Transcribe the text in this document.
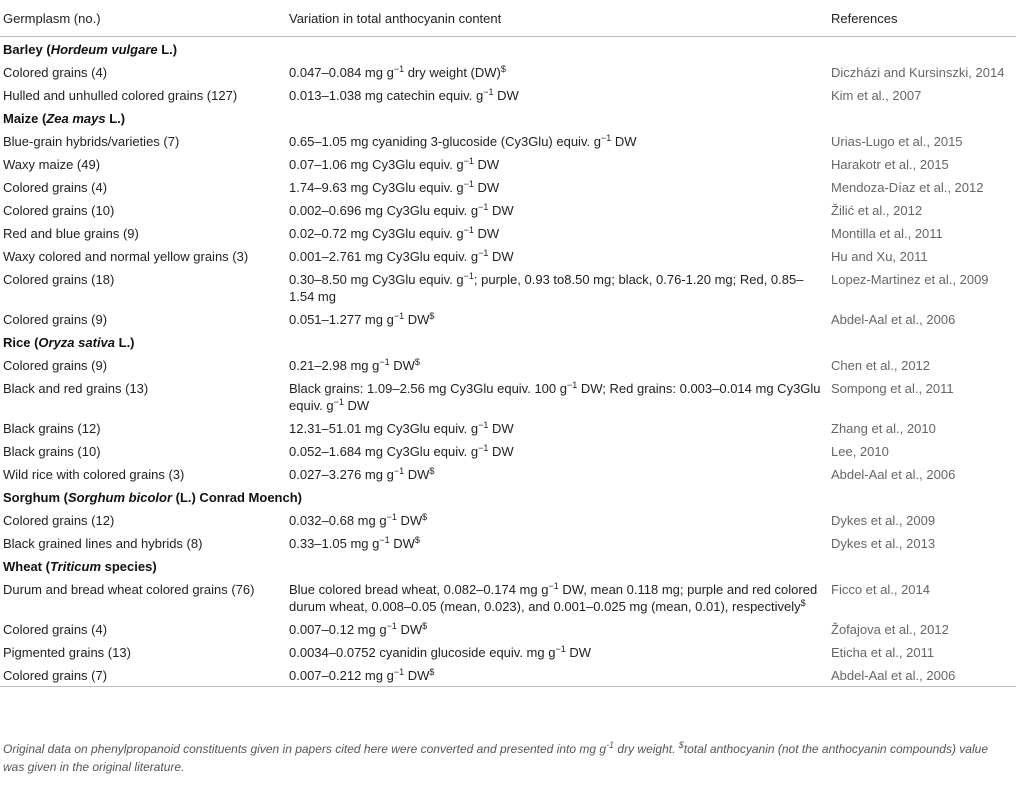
Germplasm (no.)	Variation in total anthocyanin content	References
Barley (Hordeum vulgare L.)		
Colored grains (4)	0.047–0.084 mg $g^{-1}$ dry weight (DW)$	Diczházi and Kursinszki, 2014
Hulled and unhulled colored grains (127)	0.013–1.038 mg catechin equiv. $g^{-1}$ DW	Kim et al., 2007
Maize (Zea mays L.)		
Blue-grain hybrids/varieties (7)	0.65–1.05 mg cyaniding 3-glucoside (Cy3Glu) equiv. $g^{-1}$ DW	Urias-Lugo et al., 2015
Waxy maize (49)	0.07–1.06 mg Cy3Glu equiv. $g^{-1}$ DW	Harakotr et al., 2015
Colored grains (4)	1.74–9.63 mg Cy3Glu equiv. $g^{-1}$ DW	Mendoza-Díaz et al., 2012
Colored grains (10)	0.002–0.696 mg Cy3Glu equiv. $g^{-1}$ DW	Žilić et al., 2012
Red and blue grains (9)	0.02–0.72 mg Cy3Glu equiv. $g^{-1}$ DW	Montilla et al., 2011
Waxy colored and normal yellow grains (3)	0.001–2.761 mg Cy3Glu equiv. $g^{-1}$ DW	Hu and Xu, 2011
Colored grains (18)	0.30–8.50 mg Cy3Glu equiv. $g^{-1}$; purple, 0.93 to8.50 mg; black, 0.76-1.20 mg; Red, 0.85–1.54 mg	Lopez-Martinez et al., 2009
Colored grains (9)	0.051–1.277 mg $g^{-1}$ DW$	Abdel-Aal et al., 2006
Rice (Oryza sativa L.)		
Colored grains (9)	0.21–2.98 mg $g^{-1}$ DW$	Chen et al., 2012
Black and red grains (13)	Black grains: 1.09–2.56 mg Cy3Glu equiv. 100 $g^{-1}$ DW; Red grains: 0.003–0.014 mg Cy3Glu equiv. $g^{-1}$ DW	Sompong et al., 2011
Black grains (12)	12.31–51.01 mg Cy3Glu equiv. $g^{-1}$ DW	Zhang et al., 2010
Black grains (10)	0.052–1.684 mg Cy3Glu equiv. $g^{-1}$ DW	Lee, 2010
Wild rice with colored grains (3)	0.027–3.276 mg $g^{-1}$ DW$	Abdel-Aal et al., 2006
Sorghum (Sorghum bicolor (L.) Conrad Moench)		
Colored grains (12)	0.032–0.68 mg $g^{-1}$ DW$	Dykes et al., 2009
Black grained lines and hybrids (8)	0.33–1.05 mg $g^{-1}$ DW$	Dykes et al., 2013
Wheat (Triticum species)		
Durum and bread wheat colored grains (76)	Blue colored bread wheat, 0.082–0.174 mg $g^{-1}$ DW, mean 0.118 mg; purple and red colored durum wheat, 0.008–0.05 (mean, 0.023), and 0.001–0.025 mg (mean, 0.01), respectively$	Ficco et al., 2014
Colored grains (4)	0.007–0.12 mg $g^{-1}$ DW$	Žofajova et al., 2012
Pigmented grains (13)	0.0034–0.0752 cyanidin glucoside equiv. mg $g^{-1}$ DW	Eticha et al., 2011
Colored grains (7)	0.007–0.212 mg $g^{-1}$ DW$	Abdel-Aal et al., 2006
Original data on phenylpropanoid constituents given in papers cited here were converted and presented into mg $g^{-1}$ dry weight. $total anthocyanin (not the anthocyanin compounds) value was given in the original literature.
